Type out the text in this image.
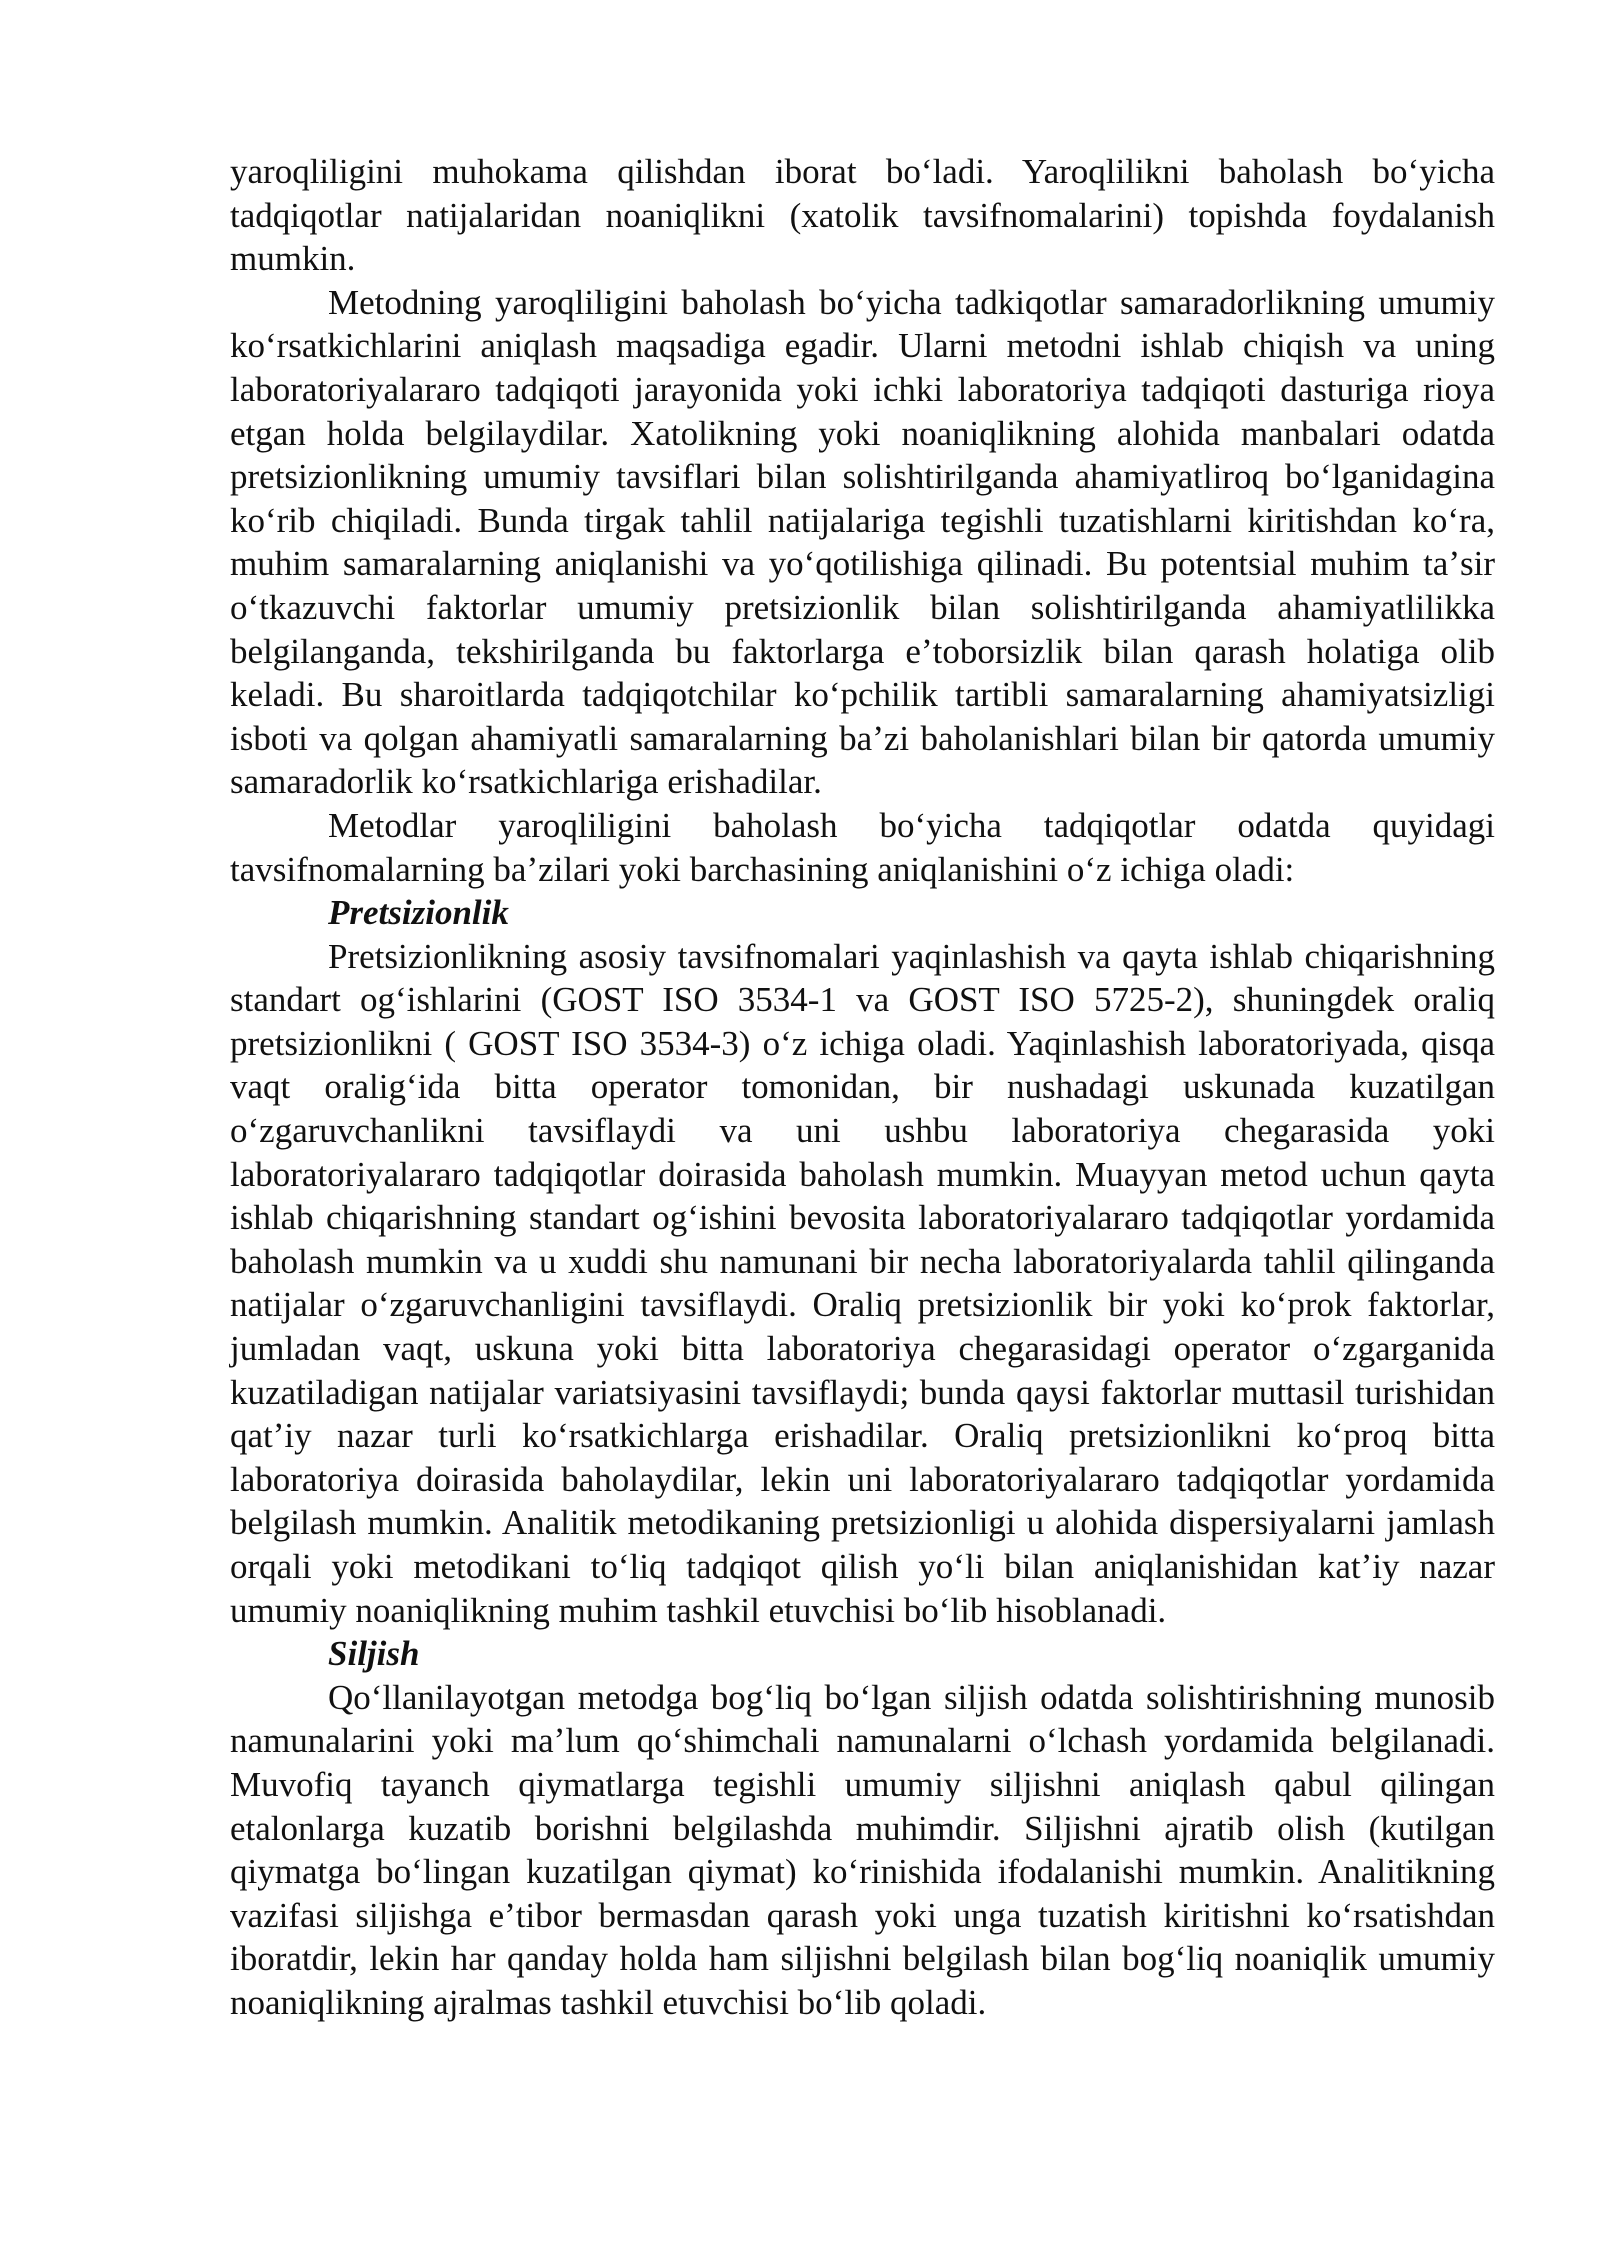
yaroqliligini muhokama qilishdan iborat boʻladi. Yaroqlilikni baholash boʻyicha tadqiqotlar natijalaridan noaniqlikni (xatolik tavsifnomalarini) topishda foydalanish mumkin.

Metodning yaroqliligini baholash boʻyicha tadkiqotlar samaradorlikning umumiy koʻrsatkichlarini aniqlash maqsadiga egadir. Ularni metodni ishlab chiqish va uning laboratoriyalararo tadqiqoti jarayonida yoki ichki laboratoriya tadqiqoti dasturiga rioya etgan holda belgilaydilar. Xatolikning yoki noaniqlikning alohida manbalari odatda pretsizionlikning umumiy tavsiflari bilan solishtirilganda ahamiyatliroq boʻlganidagina koʻrib chiqiladi. Bunda tirgak tahlil natijalariga tegishli tuzatishlarni kiritishdan koʻra, muhim samaralarning aniqlanishi va yoʻqotilishiga qilinadi. Bu potentsial muhim taʼsir oʻtkazuvchi faktorlar umumiy pretsizionlik bilan solishtirilganda ahamiyatlilikka belgilanganda, tekshirilganda bu faktorlarga eʼtoborsizlik bilan qarash holatiga olib keladi. Bu sharoitlarda tadqiqotchilar koʻpchilik tartibli samaralarning ahamiyatsizligi isboti va qolgan ahamiyatli samaralarning baʼzi baholanishlari bilan bir qatorda umumiy samaradorlik koʻrsatkichlariga erishadilar.

Metodlar yaroqliligini baholash boʻyicha tadqiqotlar odatda quyidagi tavsifnomalarning baʼzilari yoki barchasining aniqlanishini oʻz ichiga oladi:

Pretsizionlik

Pretsizionlikning asosiy tavsifnomalari yaqinlashish va qayta ishlab chiqarishning standart ogʻishlarini (GOST ISO 3534-1 va GOST ISO 5725-2), shuningdek oraliq pretsizionlikni ( GOST ISO 3534-3) oʻz ichiga oladi. Yaqinlashish laboratoriyada, qisqa vaqt oraligʻida bitta operator tomonidan, bir nushadagi uskunada kuzatilgan oʻzgaruvchanlikni tavsiflaydi va uni ushbu laboratoriya chegarasida yoki laboratoriyalararo tadqiqotlar doirasida baholash mumkin. Muayyan metod uchun qayta ishlab chiqarishning standart ogʻishini bevosita laboratoriyalararo tadqiqotlar yordamida baholash mumkin va u xuddi shu namunani bir necha laboratoriyalarda tahlil qilinganda natijalar oʻzgaruvchanligini tavsiflaydi. Oraliq pretsizionlik bir yoki koʻprok faktorlar, jumladan vaqt, uskuna yoki bitta laboratoriya chegarasidagi operator oʻzgarganida kuzatiladigan natijalar variatsiyasini tavsiflaydi; bunda qaysi faktorlar muttasil turishidan qatʼiy nazar turli koʻrsatkichlarga erishadilar. Oraliq pretsizionlikni koʻproq bitta laboratoriya doirasida baholaydilar, lekin uni laboratoriyalararo tadqiqotlar yordamida belgilash mumkin. Analitik metodikaning pretsizionligi u alohida dispersiyalarni jamlash orqali yoki metodikani toʻliq tadqiqot qilish yoʻli bilan aniqlanishidan katʼiy nazar umumiy noaniqlikning muhim tashkil etuvchisi boʻlib hisoblanadi.

Siljish

Qoʻllanilayotgan metodga bogʻliq boʻlgan siljish odatda solishtirishning munosib namunalarini yoki maʼlum qoʻshimchali namunalarni oʻlchash yordamida belgilanadi. Muvofiq tayanch qiymatlarga tegishli umumiy siljishni aniqlash qabul qilingan etalonlarga kuzatib borishni belgilashda muhimdir. Siljishni ajratib olish (kutilgan qiymatga boʻlingan kuzatilgan qiymat) koʻrinishida ifodalanishi mumkin. Analitikning vazifasi siljishga eʼtibor bermasdan qarash yoki unga tuzatish kiritishni koʻrsatishdan iboratdir, lekin har qanday holda ham siljishni belgilash bilan bogʻliq noaniqlik umumiy noaniqlikning ajralmas tashkil etuvchisi boʻlib qoladi.
